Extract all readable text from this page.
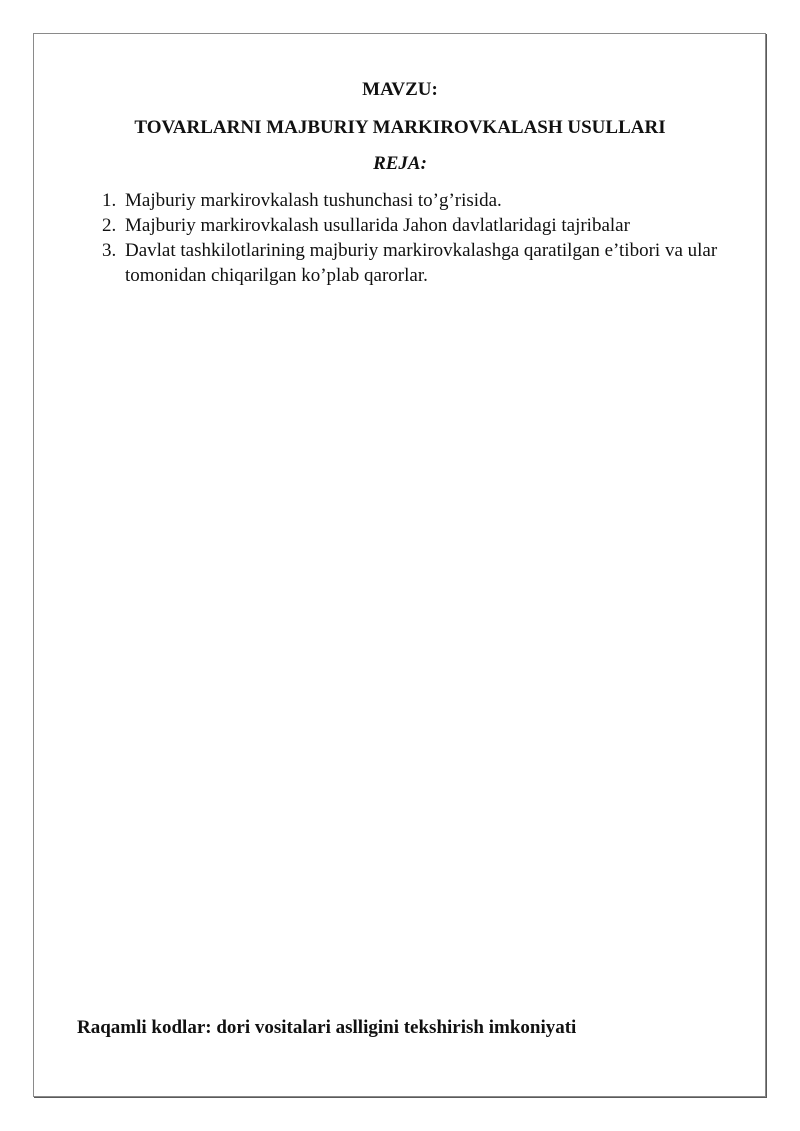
MAVZU:
TOVARLARNI MAJBURIY MARKIROVKALASH USULLARI
REJA:
1. Majburiy markirovkalash tushunchasi to’g’risida.
2. Majburiy markirovkalash usullarida Jahon davlatlaridagi tajribalar
3. Davlat tashkilotlarining majburiy markirovkalashga qaratilgan e’tibori va ular tomonidan chiqarilgan ko’plab qarorlar.
Raqamli kodlar: dori vositalari aslligini tekshirish imkoniyati
